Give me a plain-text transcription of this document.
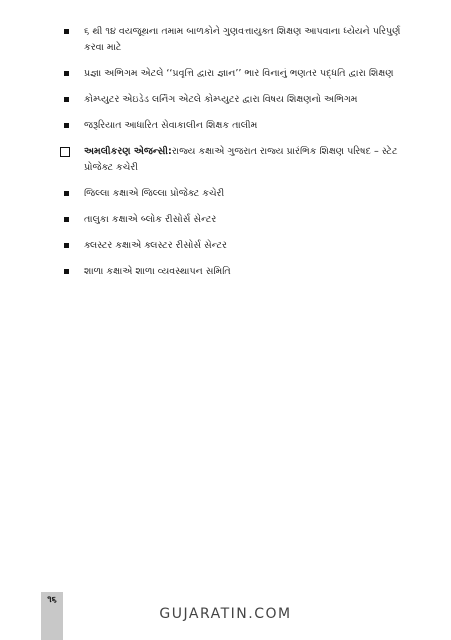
૬ થી ૧૪ વયજૂથના તમામ બાળકોને ગુણવત્તાયુક્ત શિક્ષણ આપવાના ધ્યેયને પરિપુર્ણ કરવા માટે
પ્રજ્ઞા અભિગમ એટલે ‘‘પ્રવૃત્તિ દ્વારા જ્ઞાન’’ ભાર વિનાનું ભણતર પદ્ધતિ દ્વારા શિક્ષણ
કોમ્પ્યુટર એઇડેડ લર્નિંગ એટલે કોમ્પ્યુટર દ્વારા વિષય શિક્ષણનો અભિગમ
જરૂરિયાત આધારિત સેવાકાલીન શિક્ષક તાલીમ
અમલીકરણ એજન્સી:રાજ્ય કક્ષાએ ગુજરાત રાજ્ય પ્રારંભિક શિક્ષણ પરિષદ – સ્ટેટ પ્રોજેક્ટ કચેરી
જિલ્લા કક્ષાએ જિલ્લા પ્રોજેક્ટ કચેરી
તાલુકા કક્ષાએ બ્લોક રીસોર્સ સેન્ટર
ક્લસ્ટર કક્ષાએ ક્લસ્ટર રીસોર્સ સેન્ટર
શાળા કક્ષાએ શાળા વ્યવસ્થાપન સમિતિ
૧૬
GUJARATIN.COM
